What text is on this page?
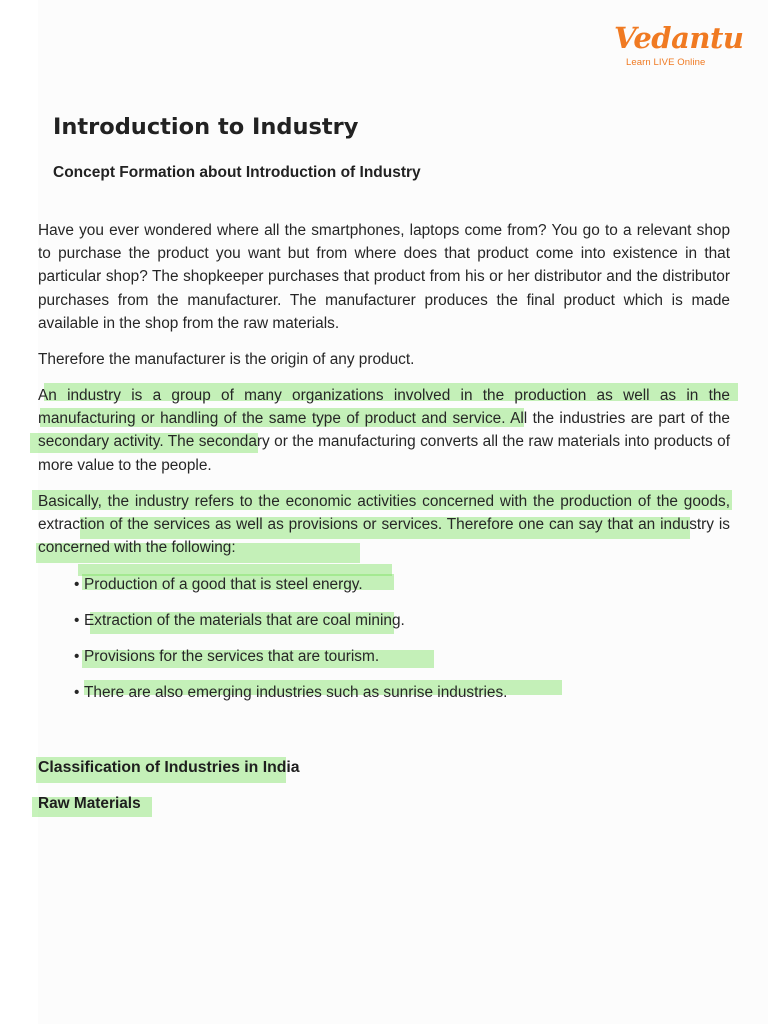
Vedantu
Learn LIVE Online
Introduction to Industry
Concept Formation about Introduction of Industry

Have you ever wondered where all the smartphones, laptops come from? You go to a relevant shop to purchase the product you want but from where does that product come into existence in that particular shop? The shopkeeper purchases that product from his or her distributor and the distributor purchases from the manufacturer. The manufacturer produces the final product which is made available in the shop from the raw materials.

Therefore the manufacturer is the origin of any product.

An industry is a group of many organizations involved in the production as well as in the manufacturing or handling of the same type of product and service. All the industries are part of the secondary activity. The secondary or the manufacturing converts all the raw materials into products of more value to the people.

Basically, the industry refers to the economic activities concerned with the production of the goods, extraction of the services as well as provisions or services. Therefore one can say that an industry is concerned with the following:

• Production of a good that is steel energy.
• Extraction of the materials that are coal mining.
• Provisions for the services that are tourism.
• There are also emerging industries such as sunrise industries.
Classification of Industries in India
Raw Materials
